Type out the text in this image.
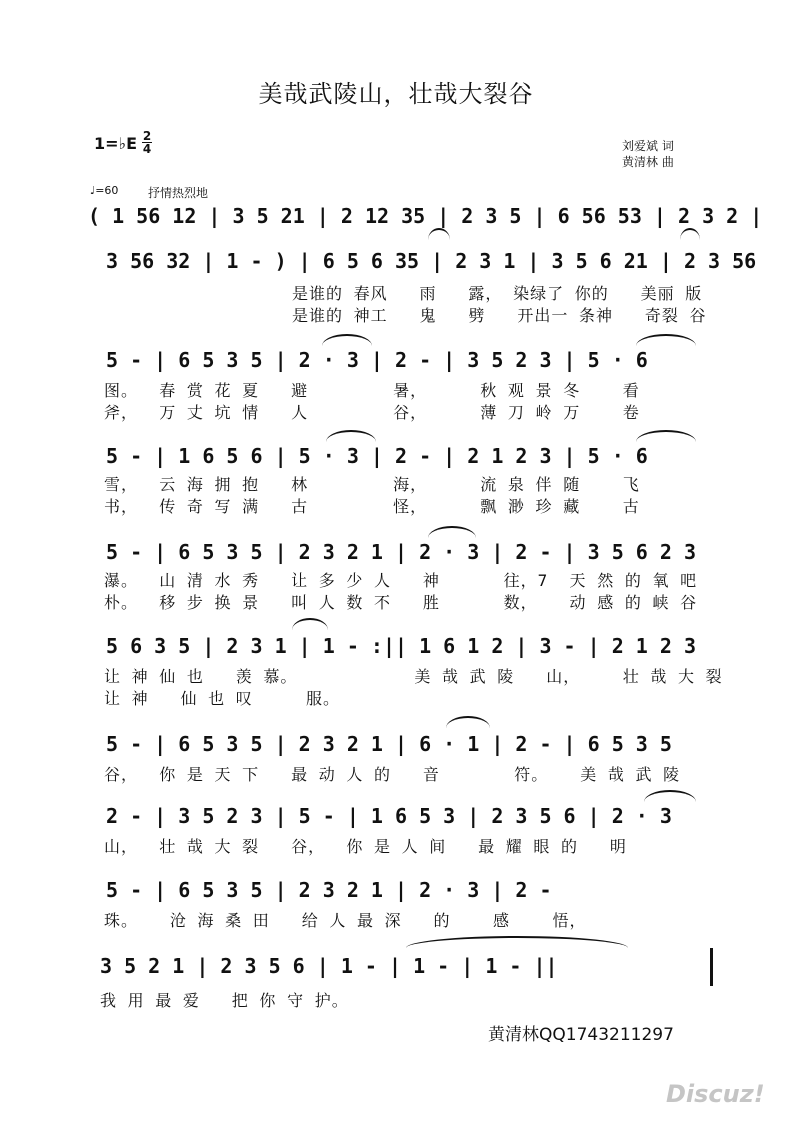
美哉武陵山，壮哉大裂谷
1=♭E 2
4	刘爱斌 词
黄清林 曲
♩=60 抒情热烈地
( 1 56 12 | 3 5 21 | 2 12 35 | 2 3 5 | 6 56 53 | 2 3 2 |
3 56 32 | 1 - ) | 6 5 6 35 | 2 3 1 | 3 5 6 21 | 2 3 56
是谁的 春风   雨   露， 染绿了 你的   美丽 版
是谁的 神工   鬼   劈   开出一 条神   奇裂 谷
5 - | 6 5 3 5 | 2 · 3 | 2 - | 3 5 2 3 | 5 · 6
图。  春 赏 花 夏   避        暑，     秋 观 景 冬    看
斧，  万 丈 坑 情   人        谷，     薄 刀 岭 万    卷
5 - | 1 6 5 6 | 5 · 3 | 2 - | 2 1 2 3 | 5 · 6
雪，  云 海 拥 抱   林        海，     流 泉 伴 随    飞
书，  传 奇 写 满   古        怪，     飘 渺 珍 藏    古
5 - | 6 5 3 5 | 2 3 2 1 | 2 · 3 | 2 - | 3 5 6 2 3
瀑。  山 清 水 秀   让 多 少 人   神      往，7  天 然 的 氧 吧
朴。  移 步 换 景   叫 人 数 不   胜      数，   动 感 的 峡 谷
5 6 3 5 | 2 3 1 | 1 - :|| 1 6 1 2 | 3 - | 2 1 2 3
让 神 仙 也   羡 慕。           美 哉 武 陵   山，    壮 哉 大 裂
让 神   仙 也 叹     服。
5 - | 6 5 3 5 | 2 3 2 1 | 6 · 1 | 2 - | 6 5 3 5
谷，  你 是 天 下   最 动 人 的   音       符。   美 哉 武 陵
2 - | 3 5 2 3 | 5 - | 1 6 5 3 | 2 3 5 6 | 2 · 3
山，  壮 哉 大 裂   谷，  你 是 人 间   最 耀 眼 的   明
5 - | 6 5 3 5 | 2 3 2 1 | 2 · 3 | 2 -
珠。   沧 海 桑 田   给 人 最 深   的    感    悟，
3 5 2 1 | 2 3 5 6 | 1 - | 1 - | 1 - ||
我 用 最 爱   把 你 守 护。
黄清林QQ1743211297
Discuz!
